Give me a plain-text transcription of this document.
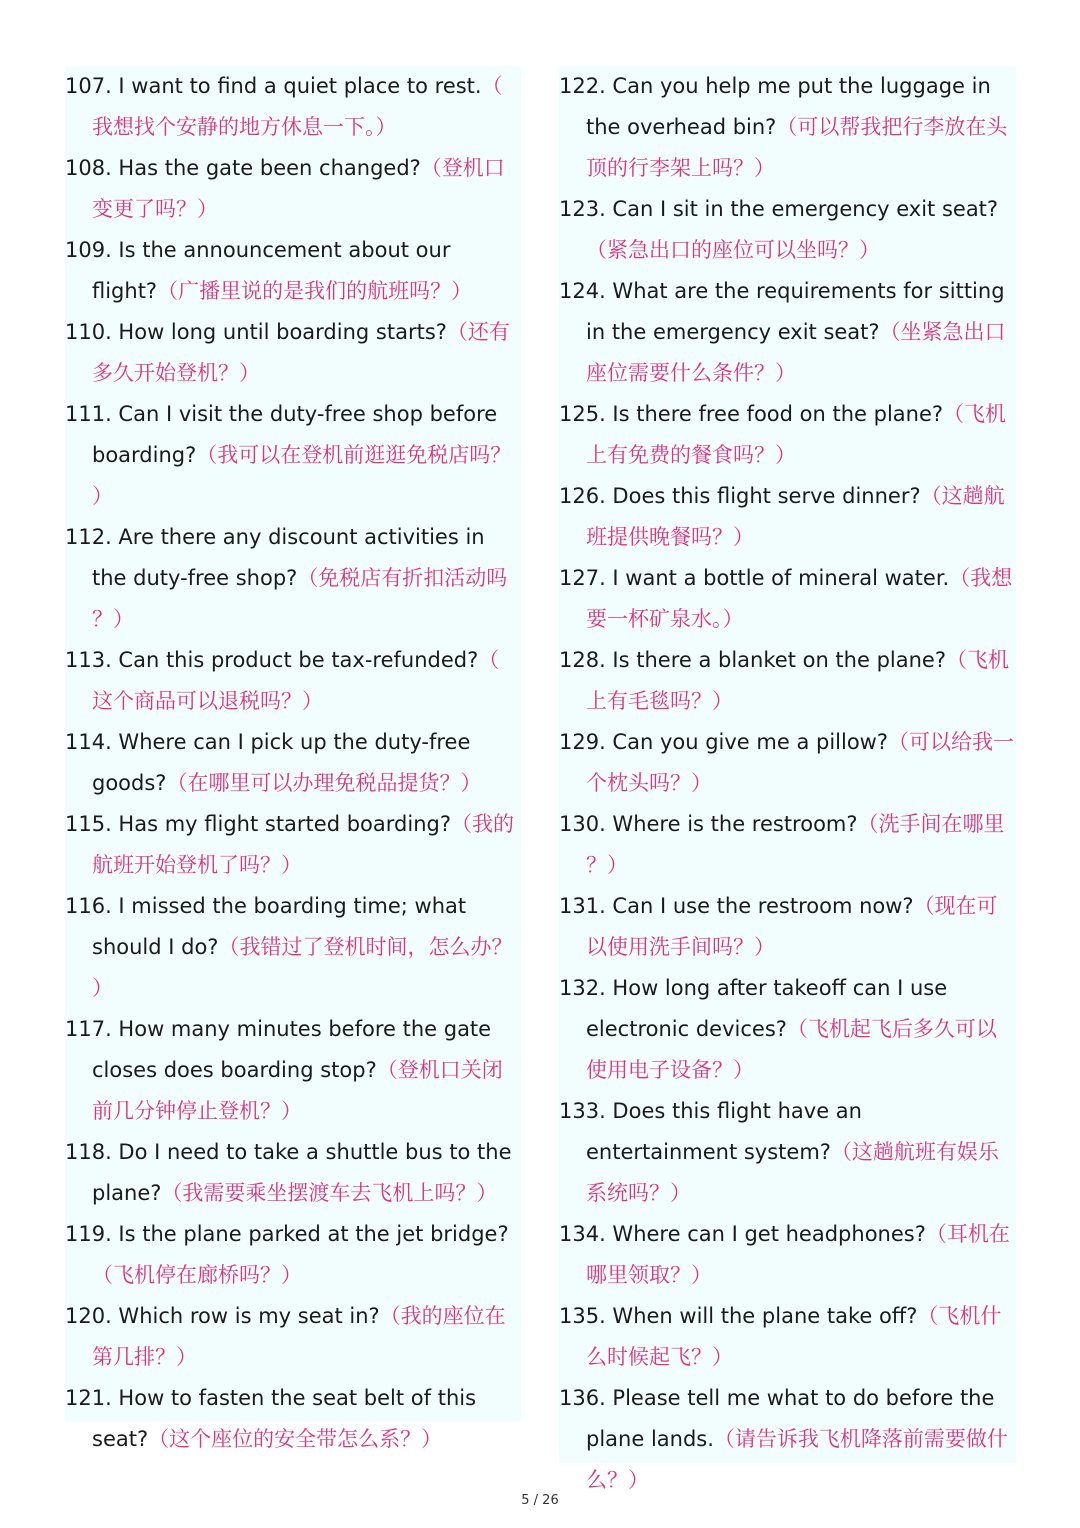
107. I want to find a quiet place to rest.（
我想找个安静的地方休息一下。）
108. Has the gate been changed?（登机口
变更了吗？）
109. Is the announcement about our
flight?（广播里说的是我们的航班吗？）
110. How long until boarding starts?（还有
多久开始登机？）
111. Can I visit the duty-free shop before
boarding?（我可以在登机前逛逛免税店吗？
）
112. Are there any discount activities in
the duty-free shop?（免税店有折扣活动吗
？）
113. Can this product be tax-refunded?（
这个商品可以退税吗？）
114. Where can I pick up the duty-free
goods?（在哪里可以办理免税品提货？）
115. Has my flight started boarding?（我的
航班开始登机了吗？）
116. I missed the boarding time; what
should I do?（我错过了登机时间，怎么办？
）
117. How many minutes before the gate
closes does boarding stop?（登机口关闭
前几分钟停止登机？）
118. Do I need to take a shuttle bus to the
plane?（我需要乘坐摆渡车去飞机上吗？）
119. Is the plane parked at the jet bridge?
（飞机停在廊桥吗？）
120. Which row is my seat in?（我的座位在
第几排？）
121. How to fasten the seat belt of this
seat?（这个座位的安全带怎么系？）
122. Can you help me put the luggage in
the overhead bin?（可以帮我把行李放在头
顶的行李架上吗？）
123. Can I sit in the emergency exit seat?
（紧急出口的座位可以坐吗？）
124. What are the requirements for sitting
in the emergency exit seat?（坐紧急出口
座位需要什么条件？）
125. Is there free food on the plane?（飞机
上有免费的餐食吗？）
126. Does this flight serve dinner?（这趟航
班提供晚餐吗？）
127. I want a bottle of mineral water.（我想
要一杯矿泉水。）
128. Is there a blanket on the plane?（飞机
上有毛毯吗？）
129. Can you give me a pillow?（可以给我一
个枕头吗？）
130. Where is the restroom?（洗手间在哪里
？）
131. Can I use the restroom now?（现在可
以使用洗手间吗？）
132. How long after takeoff can I use
electronic devices?（飞机起飞后多久可以
使用电子设备？）
133. Does this flight have an
entertainment system?（这趟航班有娱乐
系统吗？）
134. Where can I get headphones?（耳机在
哪里领取？）
135. When will the plane take off?（飞机什
么时候起飞？）
136. Please tell me what to do before the
plane lands.（请告诉我飞机降落前需要做什
么？）
5 / 26
